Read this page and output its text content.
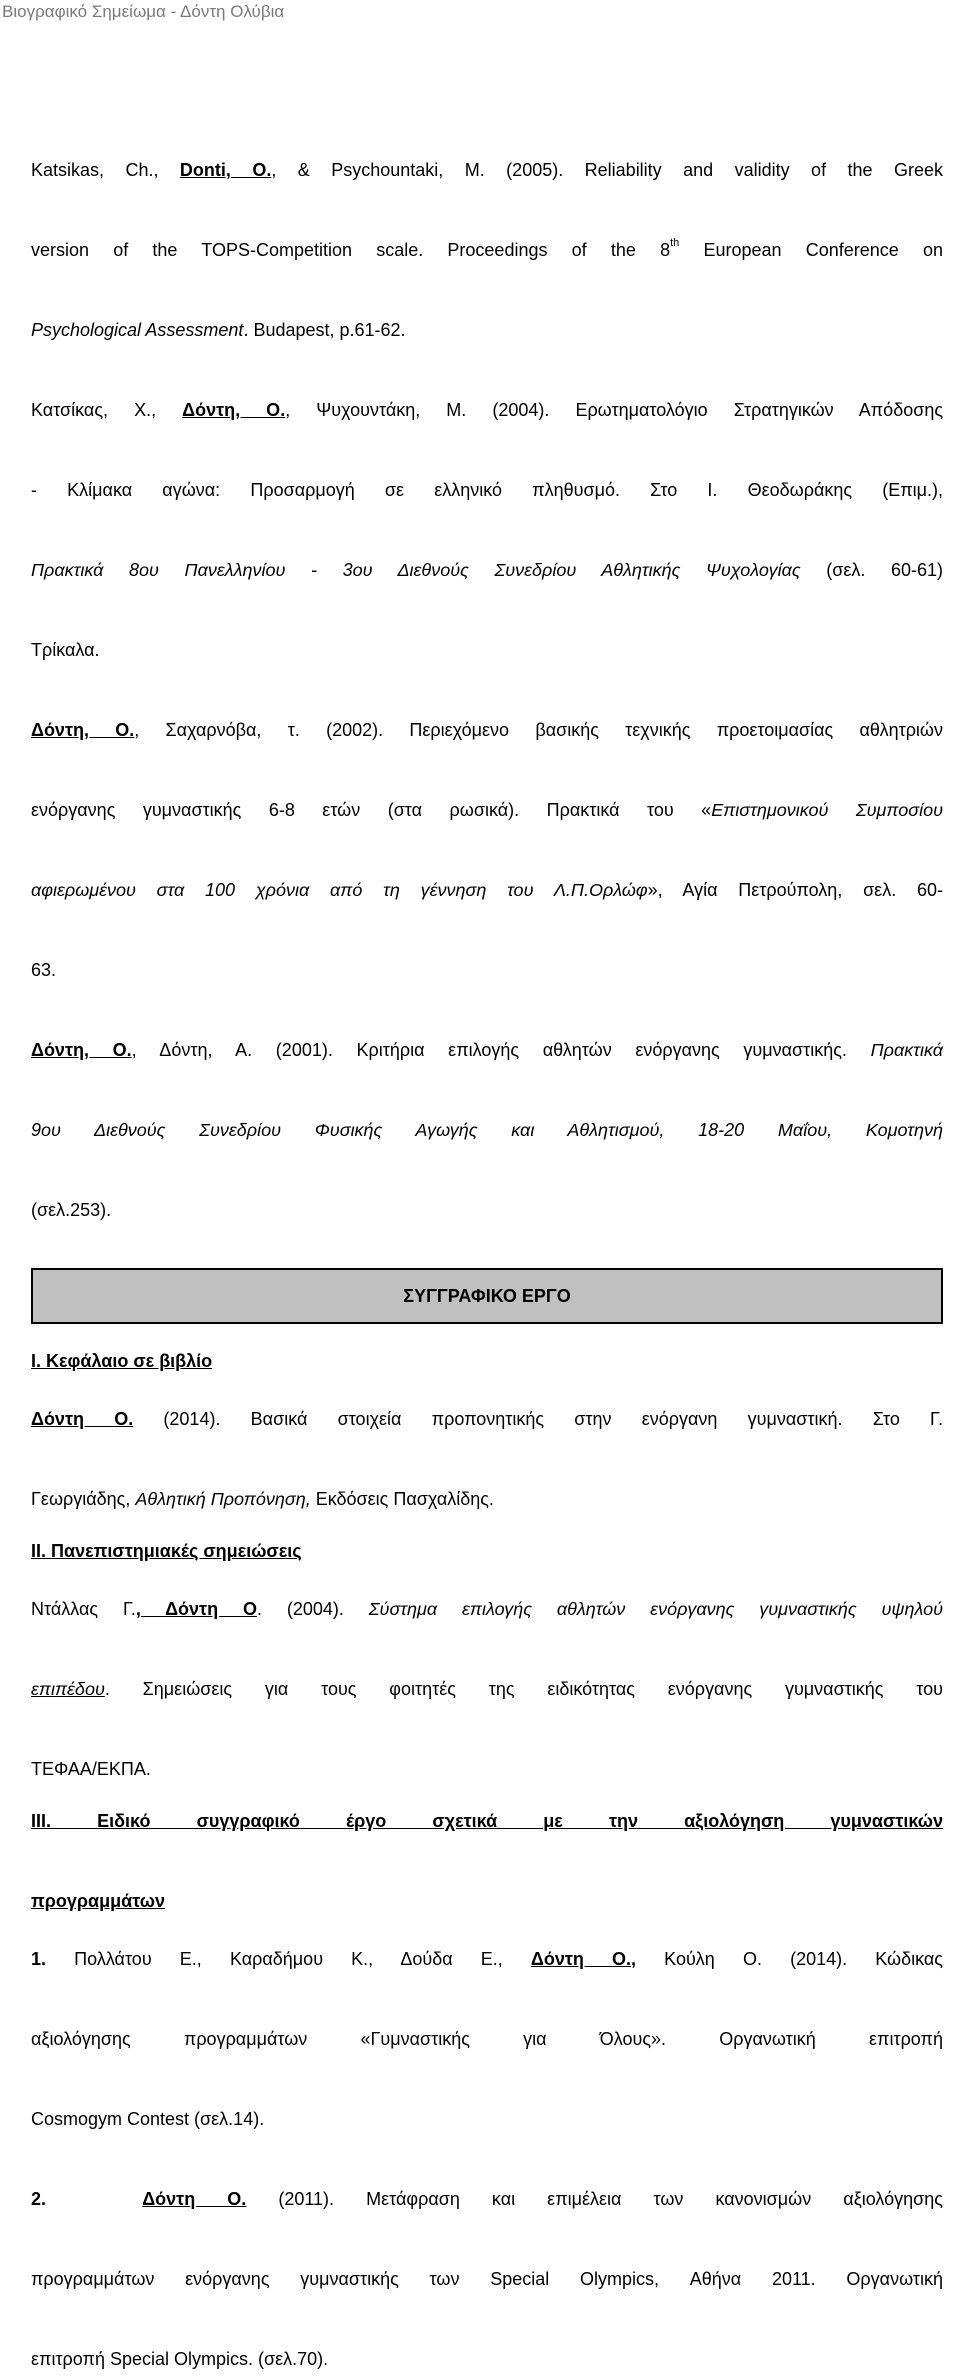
Βιογραφικό Σημείωμα - Δόντη Ολύβια

Katsikas, Ch., Donti, O., & Psychountaki, M. (2005). Reliability and validity of the Greek

version of the TOPS-Competition scale. Proceedings of the 8th European Conference on

Psychological Assessment. Budapest, p.61-62.

Κατσίκας, Χ., Δόντη, Ο., Ψυχουντάκη, Μ. (2004). Ερωτηματολόγιο Στρατηγικών Απόδοσης

- Κλίμακα αγώνα: Προσαρμογή σε ελληνικό πληθυσμό. Στο Ι. Θεοδωράκης (Επιμ.),

Πρακτικά 8ου Πανελληνίου - 3ου Διεθνούς Συνεδρίου Αθλητικής Ψυχολογίας (σελ. 60-61)

Τρίκαλα.

Δόντη, Ο., Σαχαρνόβα, τ. (2002). Περιεχόμενο βασικής τεχνικής προετοιμασίας αθλητριών

ενόργανης γυμναστικής 6-8 ετών (στα ρωσικά). Πρακτικά του «Επιστημονικού Συμποσίου

αφιερωμένου στα 100 χρόνια από τη γέννηση του Λ.Π.Ορλώφ», Αγία Πετρούπολη, σελ. 60-

63.

Δόντη, Ο., Δόντη, Α. (2001). Κριτήρια επιλογής αθλητών ενόργανης γυμναστικής. Πρακτικά

9ου Διεθνούς Συνεδρίου Φυσικής Αγωγής και Αθλητισμού, 18-20 Μαΐου, Κομοτηνή

(σελ.253).

ΣΥΓΓΡΑΦΙΚΟ ΕΡΓΟ

Ι. Κεφάλαιο σε βιβλίο

Δόντη Ο. (2014). Βασικά στοιχεία προπονητικής στην ενόργανη γυμναστική. Στο Γ.

Γεωργιάδης, Αθλητική Προπόνηση, Εκδόσεις Πασχαλίδης.

ΙΙ. Πανεπιστημιακές σημειώσεις

Ντάλλας Γ., Δόντη Ο. (2004). Σύστημα επιλογής αθλητών ενόργανης γυμναστικής υψηλού

επιπέδου. Σημειώσεις για τους φοιτητές της ειδικότητας ενόργανης γυμναστικής του

ΤΕΦΑΑ/ΕΚΠΑ.

ΙΙΙ. Ειδικό συγγραφικό έργο σχετικά με την αξιολόγηση γυμναστικών

προγραμμάτων

1. Πολλάτου Ε., Καραδήμου Κ., Δούδα Ε., Δόντη Ο., Κούλη Ο. (2014). Κώδικας

αξιολόγησης προγραμμάτων «Γυμναστικής για Όλους». Οργανωτική επιτροπή

Cosmogym Contest (σελ.14).

2.	Δόντη Ο. (2011). Μετάφραση και επιμέλεια των κανονισμών αξιολόγησης

προγραμμάτων ενόργανης γυμναστικής των Special Olympics, Αθήνα 2011. Οργανωτική

επιτροπή Special Olympics. (σελ.70).
